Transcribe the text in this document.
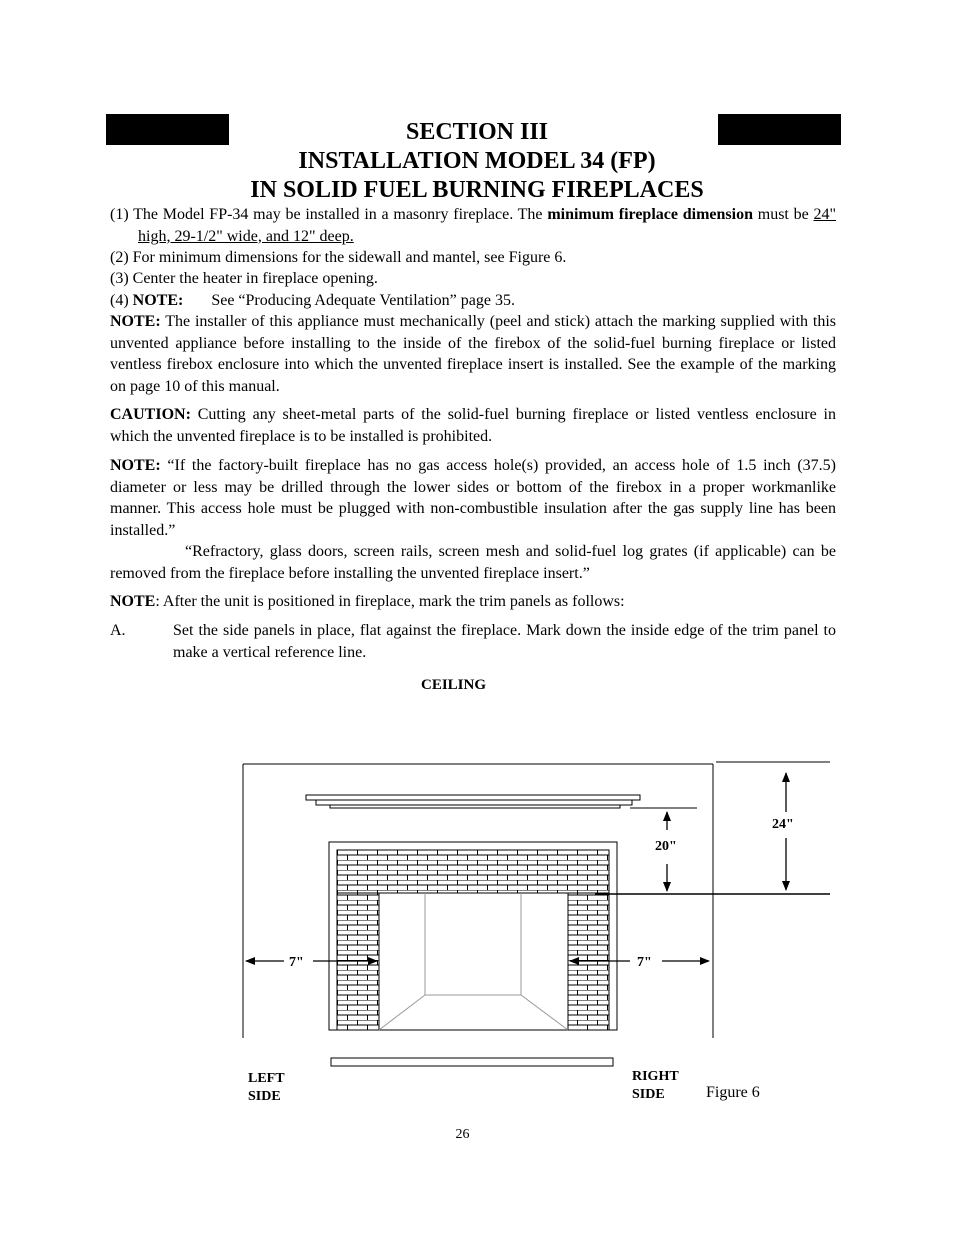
SECTION III
INSTALLATION MODEL 34 (FP)
IN SOLID FUEL BURNING FIREPLACES

(1) The Model FP-34 may be installed in a masonry fireplace. The minimum fireplace dimension must be 24" high, 29-1/2" wide, and 12" deep.

(2) For minimum dimensions for the sidewall and mantel, see Figure 6.
(3) Center the heater in fireplace opening.
(4) NOTE: See “Producing Adequate Ventilation” page 35.
NOTE: The installer of this appliance must mechanically (peel and stick) attach the marking supplied with this unvented appliance before installing to the inside of the firebox of the solid-fuel burning fireplace or listed ventless firebox enclosure into which the unvented fireplace insert is installed. See the example of the marking on page 10 of this manual.
CAUTION: Cutting any sheet-metal parts of the solid-fuel burning fireplace or listed ventless enclosure in which the unvented fireplace is to be installed is prohibited.
NOTE: “If the factory-built fireplace has no gas access hole(s) provided, an access hole of 1.5 inch (37.5) diameter or less may be drilled through the lower sides or bottom of the firebox in a proper workmanlike manner. This access hole must be plugged with non-combustible insulation after the gas supply line has been installed.”
“Refractory, glass doors, screen rails, screen mesh and solid-fuel log grates (if applicable) can be removed from the fireplace before installing the unvented fireplace insert.”
NOTE: After the unit is positioned in fireplace, mark the trim panels as follows:
A.	Set the side panels in place, flat against the fireplace. Mark down the inside edge of the trim panel to make a vertical reference line.

CEILING
24"
20"
7"	7"
LEFT
SIDE
RIGHT
SIDE	Figure 6
26
